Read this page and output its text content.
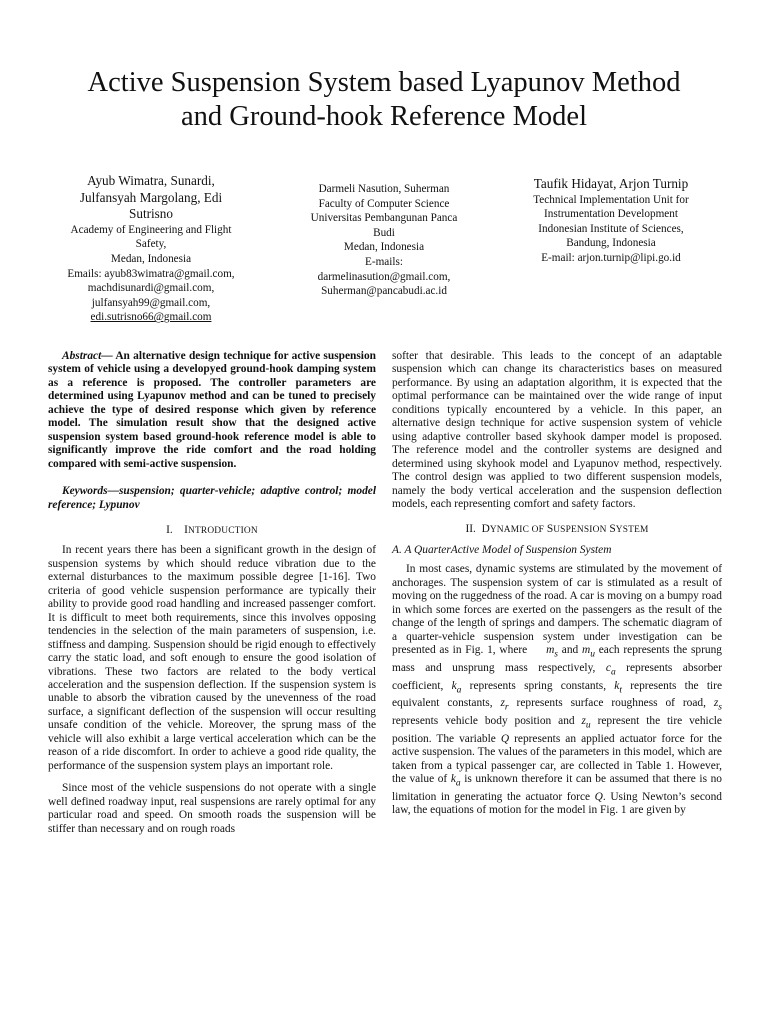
Active Suspension System based Lyapunov Method
and Ground-hook Reference Model
Ayub Wimatra, Sunardi,
Julfansyah Margolang, Edi
Sutrisno
Academy of Engineering and Flight
Safety,
Medan, Indonesia
Emails: ayub83wimatra@gmail.com,
machdisunardi@gmail.com,
julfansyah99@gmail.com,
edi.sutrisno66@gmail.com
Darmeli Nasution, Suherman
Faculty of Computer Science
Universitas Pembangunan Panca
Budi
Medan, Indonesia
E-mails:
darmelinasution@gmail.com,
Suherman@pancabudi.ac.id
Taufik Hidayat, Arjon Turnip
Technical Implementation Unit for
Instrumentation Development
Indonesian Institute of Sciences,
Bandung, Indonesia
E-mail: arjon.turnip@lipi.go.id

Abstract— An alternative design technique for active suspension system of vehicle using a developyed ground-hook damping system as a reference is proposed. The controller parameters are determined using Lyapunov method and can be tuned to precisely achieve the type of desired response which given by reference model. The simulation result show that the designed active suspension system based ground-hook reference model is able to significantly improve the ride comfort and the road holding compared with semi-active suspension.

Keywords—suspension; quarter-vehicle; adaptive control; model reference; Lypunov

I. INTRODUCTION

In recent years there has been a significant growth in the design of suspension systems by which should reduce vibration due to the external disturbances to the maximum possible degree [1-16]. Two criteria of good vehicle suspension performance are typically their ability to provide good road handling and increased passenger comfort. It is difficult to meet both requirements, since this involves opposing tendencies in the selection of the main parameters of suspension, i.e. stiffness and damping. Suspension should be rigid enough to effectively carry the static load, and soft enough to ensure the good isolation of vibrations. These two factors are related to the body vertical acceleration and the suspension deflection. If the suspension system is unable to absorb the vibration caused by the unevenness of the road surface, a significant deflection of the suspension will occur resulting unsafe condition of the vehicle. Moreover, the sprung mass of the vehicle will also exhibit a large vertical acceleration which can be the reason of a ride discomfort. In order to achieve a good ride quality, the performance of the suspension system plays an important role.

Since most of the vehicle suspensions do not operate with a single well defined roadway input, real suspensions are rarely optimal for any particular road and speed. On smooth roads the suspension will be stiffer than necessary and on rough roads

softer that desirable. This leads to the concept of an adaptable suspension which can change its characteristics bases on measured performance. By using an adaptation algorithm, it is expected that the optimal performance can be maintained over the wide range of input conditions typically encountered by a vehicle. In this paper, an alternative design technique for active suspension system of vehicle using adaptive controller based skyhook damper model is proposed. The reference model and the controller systems are designed and determined using skyhook model and Lyapunov method, respectively. The control design was applied to two different suspension models, namely the body vertical acceleration and the suspension deflection models, each representing comfort and safety factors.

II. DYNAMIC OF SUSPENSION SYSTEM

A. A QuarterActive Model of Suspension System

In most cases, dynamic systems are stimulated by the movement of anchorages. The suspension system of car is stimulated as a result of moving on the ruggedness of the road. A car is moving on a bumpy road in which some forces are exerted on the passengers as the result of the change of the length of springs and dampers. The schematic diagram of a quarter-vehicle suspension system under investigation can be presented as in Fig. 1, where $m_s$ and $m_u$ each represents the sprung mass and unsprung mass respectively, $c_a$ represents absorber coefficient, $k_a$ represents spring constants, $k_t$ represents the tire equivalent constants, $z_r$ represents surface roughness of road, $z_s$ represents vehicle body position and $z_u$ represent the tire vehicle position. The variable Q represents an applied actuator force for the active suspension. The values of the parameters in this model, which are taken from a typical passenger car, are collected in Table 1. However, the value of $k_a$ is unknown therefore it can be assumed that there is no limitation in generating the actuator force Q. Using Newton’s second law, the equations of motion for the model in Fig. 1 are given by
